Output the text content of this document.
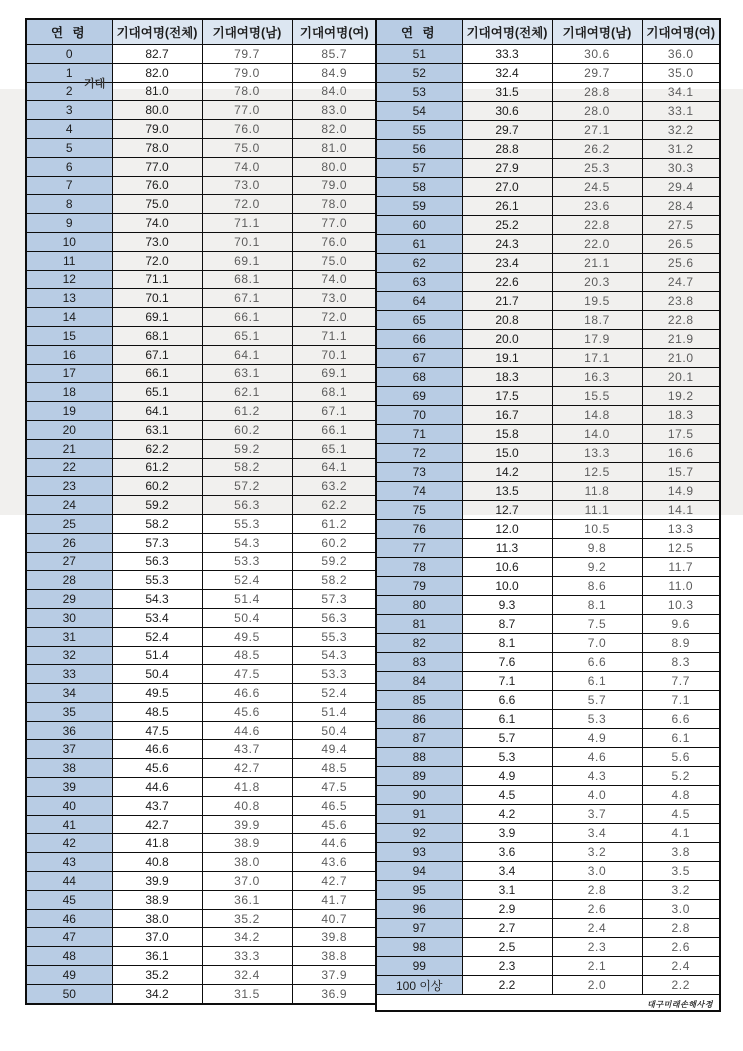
연 령	기대여명(전체)	기대여명(남)	기대여명(여)
0	82.7	79.7	85.7
1	82.0	79.0	84.9
2	81.0	78.0	84.0
3	80.0	77.0	83.0
4	79.0	76.0	82.0
5	78.0	75.0	81.0
6	77.0	74.0	80.0
7	76.0	73.0	79.0
8	75.0	72.0	78.0
9	74.0	71.1	77.0
10	73.0	70.1	76.0
11	72.0	69.1	75.0
12	71.1	68.1	74.0
13	70.1	67.1	73.0
14	69.1	66.1	72.0
15	68.1	65.1	71.1
16	67.1	64.1	70.1
17	66.1	63.1	69.1
18	65.1	62.1	68.1
19	64.1	61.2	67.1
20	63.1	60.2	66.1
21	62.2	59.2	65.1
22	61.2	58.2	64.1
23	60.2	57.2	63.2
24	59.2	56.3	62.2
25	58.2	55.3	61.2
26	57.3	54.3	60.2
27	56.3	53.3	59.2
28	55.3	52.4	58.2
29	54.3	51.4	57.3
30	53.4	50.4	56.3
31	52.4	49.5	55.3
32	51.4	48.5	54.3
33	50.4	47.5	53.3
34	49.5	46.6	52.4
35	48.5	45.6	51.4
36	47.5	44.6	50.4
37	46.6	43.7	49.4
38	45.6	42.7	48.5
39	44.6	41.8	47.5
40	43.7	40.8	46.5
41	42.7	39.9	45.6
42	41.8	38.9	44.6
43	40.8	38.0	43.6
44	39.9	37.0	42.7
45	38.9	36.1	41.7
46	38.0	35.2	40.7
47	37.0	34.2	39.8
48	36.1	33.3	38.8
49	35.2	32.4	37.9
50	34.2	31.5	36.9
연 령	기대여명(전체)	기대여명(남)	기대여명(여)
51	33.3	30.6	36.0
52	32.4	29.7	35.0
53	31.5	28.8	34.1
54	30.6	28.0	33.1
55	29.7	27.1	32.2
56	28.8	26.2	31.2
57	27.9	25.3	30.3
58	27.0	24.5	29.4
59	26.1	23.6	28.4
60	25.2	22.8	27.5
61	24.3	22.0	26.5
62	23.4	21.1	25.6
63	22.6	20.3	24.7
64	21.7	19.5	23.8
65	20.8	18.7	22.8
66	20.0	17.9	21.9
67	19.1	17.1	21.0
68	18.3	16.3	20.1
69	17.5	15.5	19.2
70	16.7	14.8	18.3
71	15.8	14.0	17.5
72	15.0	13.3	16.6
73	14.2	12.5	15.7
74	13.5	11.8	14.9
75	12.7	11.1	14.1
76	12.0	10.5	13.3
77	11.3	9.8	12.5
78	10.6	9.2	11.7
79	10.0	8.6	11.0
80	9.3	8.1	10.3
81	8.7	7.5	9.6
82	8.1	7.0	8.9
83	7.6	6.6	8.3
84	7.1	6.1	7.7
85	6.6	5.7	7.1
86	6.1	5.3	6.6
87	5.7	4.9	6.1
88	5.3	4.6	5.6
89	4.9	4.3	5.2
90	4.5	4.0	4.8
91	4.2	3.7	4.5
92	3.9	3.4	4.1
93	3.6	3.2	3.8
94	3.4	3.0	3.5
95	3.1	2.8	3.2
96	2.9	2.6	3.0
97	2.7	2.4	2.8
98	2.5	2.3	2.6
99	2.3	2.1	2.4
100 이상	2.2	2.0	2.2
대구미래손해사정			
기대
